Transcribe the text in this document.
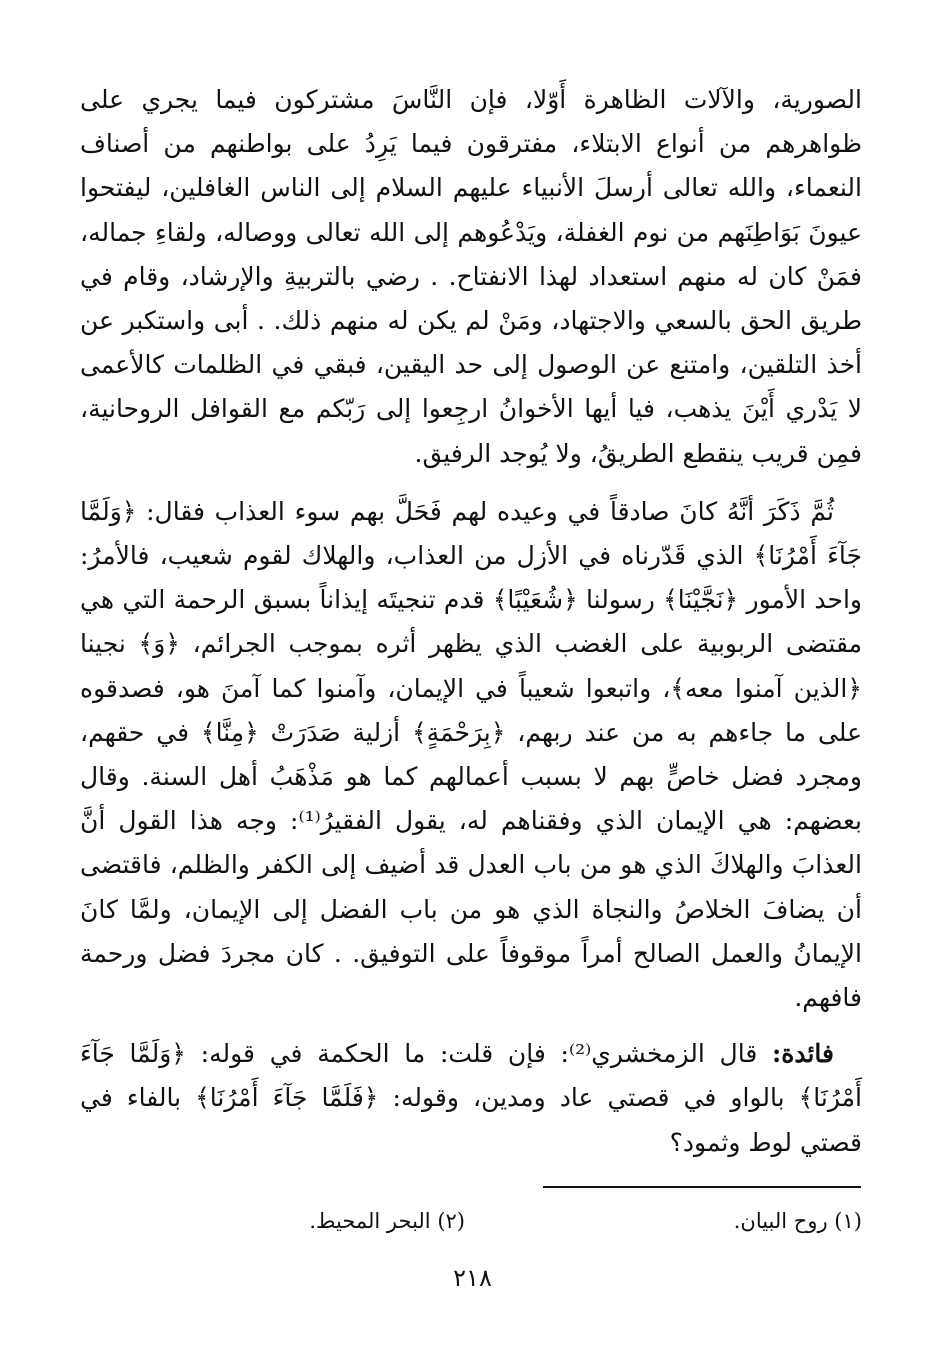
الصورية، والآلات الظاهرة أَوّلا، فإن النَّاسَ مشتركون فيما يجري على ظواهرهم من أنواع الابتلاء، مفترقون فيما يَرِدُ على بواطنهم من أصناف النعماء، والله تعالى أرسلَ الأنبياء عليهم السلام إلى الناس الغافلين، ليفتحوا عيونَ بَوَاطِنَهم من نوم الغفلة، ويَدْعُوهم إلى الله تعالى ووصاله، ولقاءِ جماله، فمَنْ كان له منهم استعداد لهذا الانفتاح. . رضي بالتربيةِ والإرشاد، وقام في طريق الحق بالسعي والاجتهاد، ومَنْ لم يكن له منهم ذلك. . أبى واستكبر عن أخذ التلقين، وامتنع عن الوصول إلى حد اليقين، فبقي في الظلمات كالأعمى لا يَدْري أَيْنَ يذهب، فيا أيها الأخوانُ ارجِعوا إلى رَبّكم مع القوافل الروحانية، فمِن قريب ينقطع الطريقُ، ولا يُوجد الرفيق.

ثُمَّ ذَكَرَ أنَّهُ كانَ صادقاً في وعيده لهم فَحَلَّ بهم سوء العذاب فقال: ﴿وَلَمَّا جَآءَ أَمْرُنَا﴾ الذي قَدّرناه في الأزل من العذاب، والهلاك لقوم شعيب، فالأمرُ: واحد الأمور ﴿نَجَّيْنَا﴾ رسولنا ﴿شُعَيْبًا﴾ قدم تنجيتَه إيذاناً بسبق الرحمة التي هي مقتضى الربوبية على الغضب الذي يظهر أثره بموجب الجرائم، ﴿وَ﴾ نجينا ﴿الذين آمنوا معه﴾، واتبعوا شعيباً في الإيمان، وآمنوا كما آمنَ هو، فصدقوه على ما جاءهم به من عند ربهم، ﴿بِرَحْمَةٍ﴾ أزلية صَدَرَتْ ﴿مِنَّا﴾ في حقهم، ومجرد فضل خاصٍّ بهم لا بسبب أعمالهم كما هو مَذْهَبُ أهل السنة. وقال بعضهم: هي الإيمان الذي وفقناهم له، يقول الفقيرُ⁽¹⁾: وجه هذا القول أنَّ العذابَ والهلاكَ الذي هو من باب العدل قد أضيف إلى الكفر والظلم، فاقتضى أن يضافَ الخلاصُ والنجاة الذي هو من باب الفضل إلى الإيمان، ولمَّا كانَ الإيمانُ والعمل الصالح أمراً موقوفاً على التوفيق. . كان مجردَ فضل ورحمة فافهم.

فائدة: قال الزمخشري⁽²⁾: فإن قلت: ما الحكمة في قوله: ﴿وَلَمَّا جَآءَ أَمْرُنَا﴾ بالواو في قصتي عاد ومدين، وقوله: ﴿فَلَمَّا جَآءَ أَمْرُنَا﴾ بالفاء في قصتي لوط وثمود؟

(١) روح البيان.
(٢) البحر المحيط.
٢١٨
